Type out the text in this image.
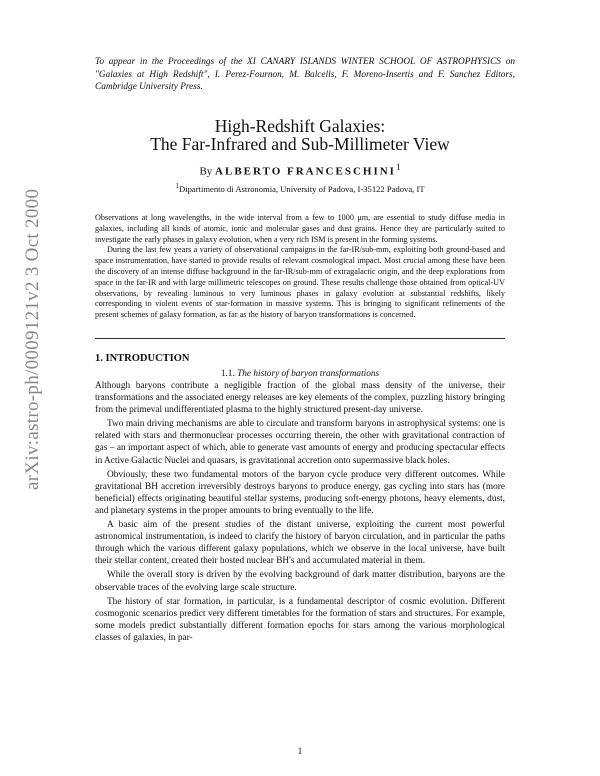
arXiv:astro-ph/0009121v2 3 Oct 2000
To appear in the Proceedings of the XI CANARY ISLANDS WINTER SCHOOL OF ASTROPHYSICS on "Galaxies at High Redshift", I. Perez-Fournon, M. Balcells, F. Moreno-Insertis and F. Sanchez Editors, Cambridge University Press.
High-Redshift Galaxies:
The Far-Infrared and Sub-Millimeter View
By ALBERTO FRANCESCHINI$^1$
$^1$Dipartimento di Astronomia, University of Padova, I-35122 Padova, IT

Observations at long wavelengths, in the wide interval from a few to 1000 μm, are essential to study diffuse media in galaxies, including all kinds of atomic, ionic and molecular gases and dust grains. Hence they are particularly suited to investigate the early phases in galaxy evolution, when a very rich ISM is present in the forming systems.

During the last few years a variety of observational campaigns in the far-IR/sub-mm, exploiting both ground-based and space instrumentation, have started to provide results of relevant cosmological impact. Most crucial among these have been the discovery of an intense diffuse background in the far-IR/sub-mm of extragalactic origin, and the deep explorations from space in the far-IR and with large millimetric telescopes on ground. These results challenge those obtained from optical-UV observations, by revealing luminous to very luminous phases in galaxy evolution at substantial redshifts, likely corresponding to violent events of star-formation in massive systems. This is bringing to significant refinements of the present schemes of galaxy formation, as far as the history of baryon transformations is concerned.

1. INTRODUCTION
1.1. The history of baryon transformations

Although baryons contribute a negligible fraction of the global mass density of the universe, their transformations and the associated energy releases are key elements of the complex, puzzling history bringing from the primeval undifferentiated plasma to the highly structured present-day universe.

Two main driving mechanisms are able to circulate and transform baryons in astrophysical systems: one is related with stars and thermonuclear processes occurring therein, the other with gravitational contraction of gas – an important aspect of which, able to generate vast amounts of energy and producing spectacular effects in Active Galactic Nuclei and quasars, is gravitational accretion onto supermassive black holes.

Obviously, these two fundamental motors of the baryon cycle produce very different outcomes. While gravitational BH accretion irreversibly destroys baryons to produce energy, gas cycling into stars has (more beneficial) effects originating beautiful stellar systems, producing soft-energy photons, heavy elements, dust, and planetary systems in the proper amounts to bring eventually to the life.

A basic aim of the present studies of the distant universe, exploiting the current most powerful astronomical instrumentation, is indeed to clarify the history of baryon circulation, and in particular the paths through which the various different galaxy populations, which we observe in the local universe, have built their stellar content, created their hosted nuclear BH's and accumulated material in them.

While the overall story is driven by the evolving background of dark matter distribution, baryons are the observable traces of the evolving large scale structure.

The history of star formation, in particular, is a fundamental descriptor of cosmic evolution. Different cosmogonic scenarios predict very different timetables for the formation of stars and structures. For example, some models predict substantially different formation epochs for stars among the various morphological classes of galaxies, in par-

1
